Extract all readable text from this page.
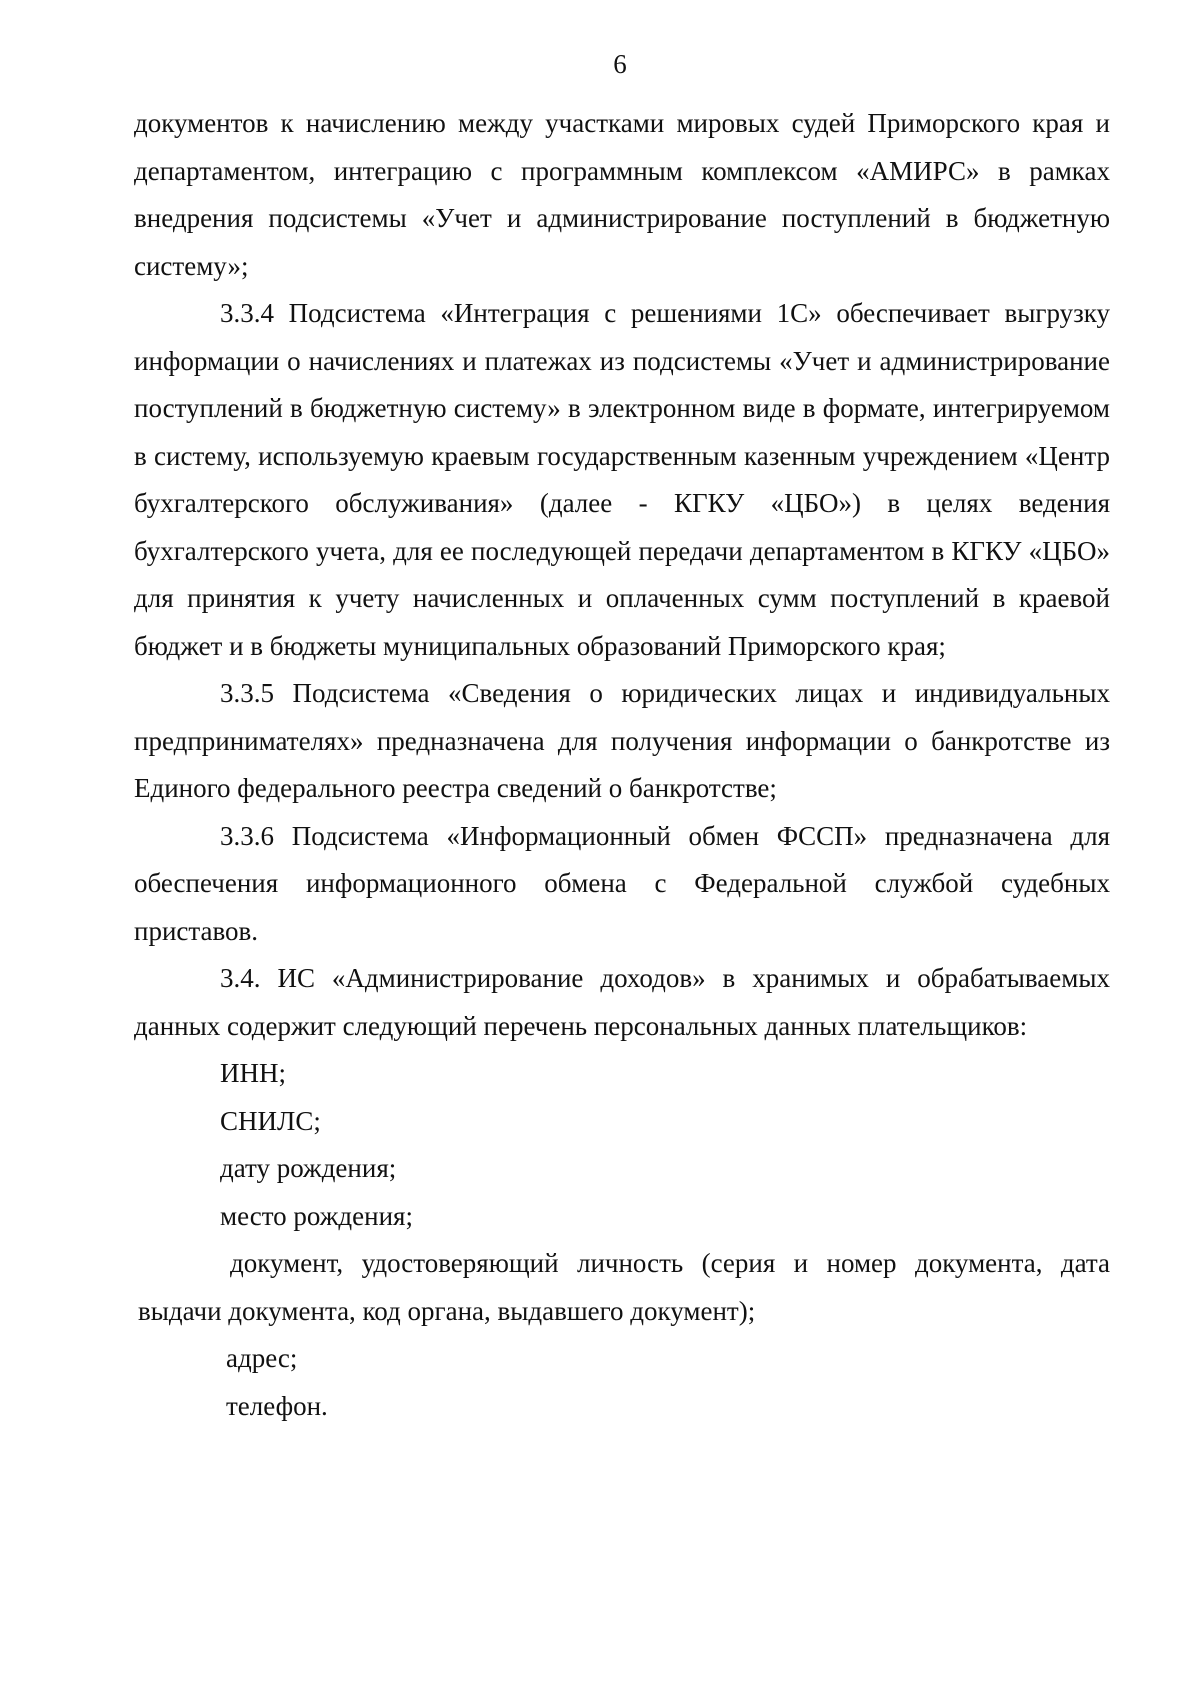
6

документов к начислению между участками мировых судей Приморского края и департаментом, интеграцию с программным комплексом «АМИРС» в рамках внедрения подсистемы «Учет и администрирование поступлений в бюджетную систему»;

3.3.4 Подсистема «Интеграция с решениями 1С» обеспечивает выгрузку информации о начислениях и платежах из подсистемы «Учет и администрирование поступлений в бюджетную систему» в электронном виде в формате, интегрируемом в систему, используемую краевым государственным казенным учреждением «Центр бухгалтерского обслуживания» (далее - КГКУ «ЦБО») в целях ведения бухгалтерского учета, для ее последующей передачи департаментом в КГКУ «ЦБО» для принятия к учету начисленных и оплаченных сумм поступлений в краевой бюджет и в бюджеты муниципальных образований Приморского края;

3.3.5 Подсистема «Сведения о юридических лицах и индивидуальных предпринимателях» предназначена для получения информации о банкротстве из Единого федерального реестра сведений о банкротстве;

3.3.6 Подсистема «Информационный обмен ФССП» предназначена для обеспечения информационного обмена с Федеральной службой судебных приставов.

3.4. ИС «Администрирование доходов» в хранимых и обрабатываемых данных содержит следующий перечень персональных данных плательщиков:

ИНН;

СНИЛС;

дату рождения;

место рождения;

документ, удостоверяющий личность (серия и номер документа, дата выдачи документа, код органа, выдавшего документ);

адрес;

телефон.
